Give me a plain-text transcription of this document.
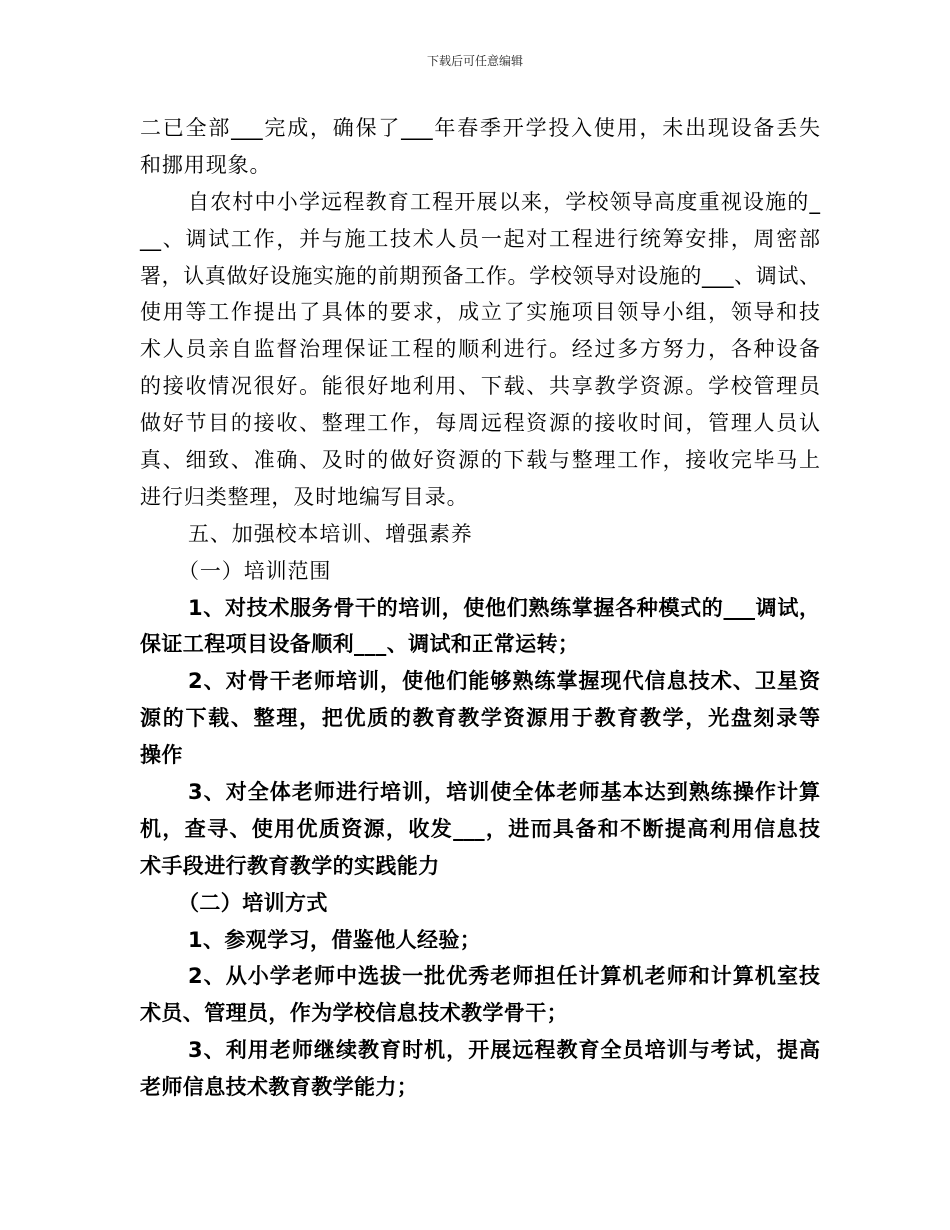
下载后可任意编辑
二已全部___完成，确保了___年春季开学投入使用，未出现设备丢失
和挪用现象。
自农村中小学远程教育工程开展以来，学校领导高度重视设施的_
__、调试工作，并与施工技术人员一起对工程进行统筹安排，周密部
署，认真做好设施实施的前期预备工作。学校领导对设施的___、调试、
使用等工作提出了具体的要求，成立了实施项目领导小组，领导和技
术人员亲自监督治理保证工程的顺利进行。经过多方努力，各种设备
的接收情况很好。能很好地利用、下载、共享教学资源。学校管理员
做好节目的接收、整理工作，每周远程资源的接收时间，管理人员认
真、细致、准确、及时的做好资源的下载与整理工作，接收完毕马上
进行归类整理，及时地编写目录。
五、加强校本培训、增强素养
（一）培训范围
1、对技术服务骨干的培训，使他们熟练掌握各种模式的___调试，
保证工程项目设备顺利___、调试和正常运转；
2、对骨干老师培训，使他们能够熟练掌握现代信息技术、卫星资
源的下载、整理，把优质的教育教学资源用于教育教学，光盘刻录等
操作
3、对全体老师进行培训，培训使全体老师基本达到熟练操作计算
机，查寻、使用优质资源，收发___，进而具备和不断提高利用信息技
术手段进行教育教学的实践能力
（二）培训方式
1、参观学习，借鉴他人经验；
2、从小学老师中选拔一批优秀老师担任计算机老师和计算机室技
术员、管理员，作为学校信息技术教学骨干；
3、利用老师继续教育时机，开展远程教育全员培训与考试，提高
老师信息技术教育教学能力；
